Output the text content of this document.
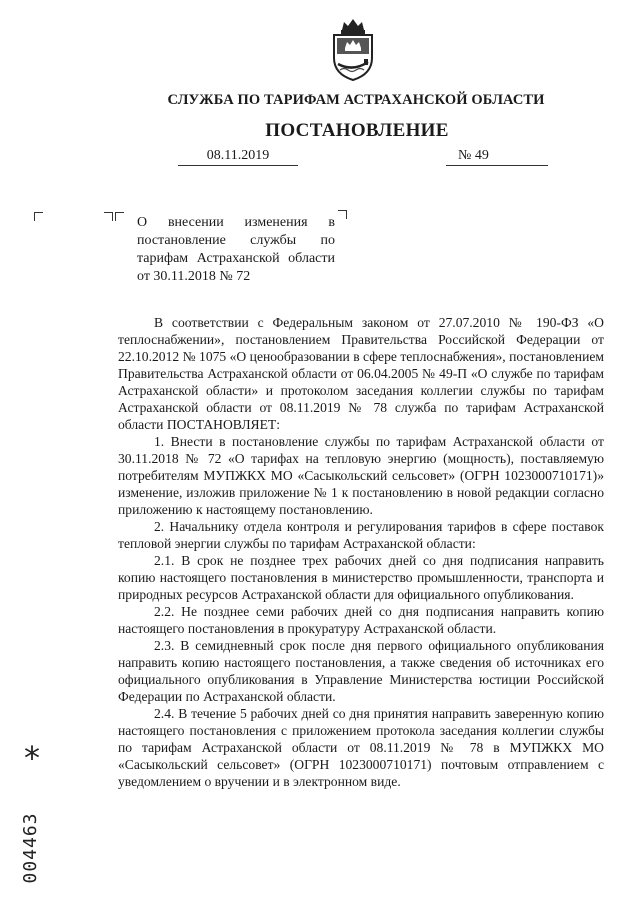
СЛУЖБА ПО ТАРИФАМ АСТРАХАНСКОЙ ОБЛАСТИ
ПОСТАНОВЛЕНИЕ
08.11.2019	№ 49
О внесении изменения в постановление службы по тарифам Астраханской области от 30.11.2018 № 72

В соответствии с Федеральным законом от 27.07.2010 № 190-ФЗ «О теплоснабжении», постановлением Правительства Российской Федерации от 22.10.2012 № 1075 «О ценообразовании в сфере теплоснабжения», постановлением Правительства Астраханской области от 06.04.2005 № 49-П «О службе по тарифам Астраханской области» и протоколом заседания коллегии службы по тарифам Астраханской области от 08.11.2019 № 78 служба по тарифам Астраханской области ПОСТАНОВЛЯЕТ:

1. Внести в постановление службы по тарифам Астраханской области от 30.11.2018 № 72 «О тарифах на тепловую энергию (мощность), поставляемую потребителям МУПЖКХ МО «Сасыкольский сельсовет» (ОГРН 1023000710171)» изменение, изложив приложение № 1 к постановлению в новой редакции согласно приложению к настоящему постановлению.

2. Начальнику отдела контроля и регулирования тарифов в сфере поставок тепловой энергии службы по тарифам Астраханской области:

2.1. В срок не позднее трех рабочих дней со дня подписания направить копию настоящего постановления в министерство промышленности, транспорта и природных ресурсов Астраханской области для официального опубликования.

2.2. Не позднее семи рабочих дней со дня подписания направить копию настоящего постановления в прокуратуру Астраханской области.

2.3. В семидневный срок после дня первого официального опубликования направить копию настоящего постановления, а также сведения об источниках его официального опубликования в Управление Министерства юстиции Российской Федерации по Астраханской области.

2.4. В течение 5 рабочих дней со дня принятия направить заверенную копию настоящего постановления с приложением протокола заседания коллегии службы по тарифам Астраханской области от 08.11.2019 № 78 в МУПЖКХ МО «Сасыкольский сельсовет» (ОГРН 1023000710171) почтовым отправлением с уведомлением о вручении и в электронном виде.

*
004463
